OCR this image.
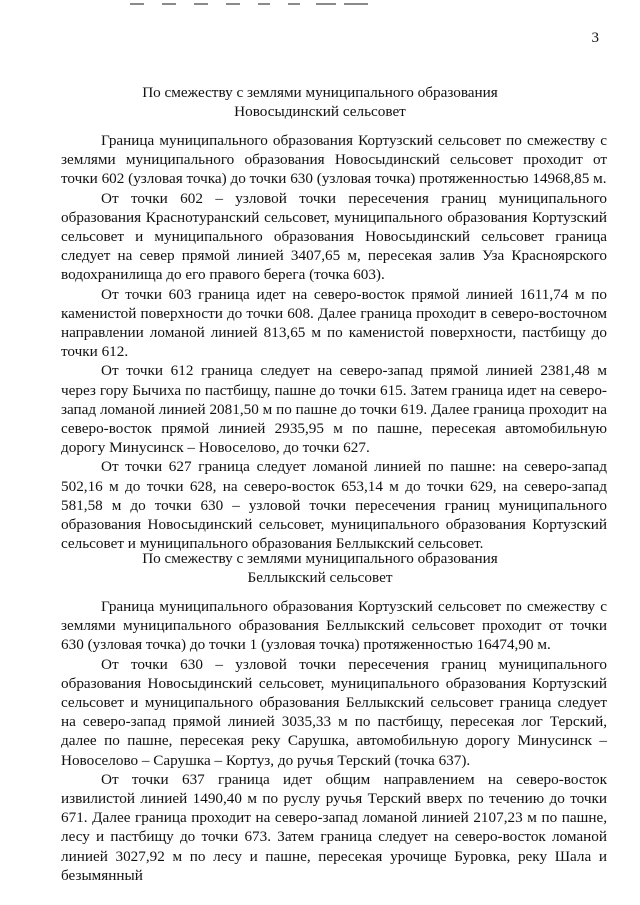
3
По смежеству с землями муниципального образования
Новосыдинский сельсовет

Граница муниципального образования Кортузский сельсовет по смежеству с землями муниципального образования Новосыдинский сельсовет проходит от точки 602 (узловая точка) до точки 630 (узловая точка) протяженностью 14968,85 м.

От точки 602 – узловой точки пересечения границ муниципального образования Краснотуранский сельсовет, муниципального образования Кортузский сельсовет и муниципального образования Новосыдинский сельсовет граница следует на север прямой линией 3407,65 м, пересекая залив Уза Красноярского водохранилища до его правого берега (точка 603).

От точки 603 граница идет на северо-восток прямой линией 1611,74 м по каменистой поверхности до точки 608. Далее граница проходит в северо-восточном направлении ломаной линией 813,65 м по каменистой поверхности, пастбищу до точки 612.

От точки 612 граница следует на северо-запад прямой линией 2381,48 м через гору Бычиха по пастбищу, пашне до точки 615. Затем граница идет на северо-запад ломаной линией 2081,50 м по пашне до точки 619. Далее граница проходит на северо-восток прямой линией 2935,95 м по пашне, пересекая автомобильную дорогу Минусинск – Новоселово, до точки 627.

От точки 627 граница следует ломаной линией по пашне: на северо-запад 502,16 м до точки 628, на северо-восток 653,14 м до точки 629, на северо-запад 581,58 м до точки 630 – узловой точки пересечения границ муниципального образования Новосыдинский сельсовет, муниципального образования Кортузский сельсовет и муниципального образования Беллыкский сельсовет.

По смежеству с землями муниципального образования
Беллыкский сельсовет

Граница муниципального образования Кортузский сельсовет по смежеству с землями муниципального образования Беллыкский сельсовет проходит от точки 630 (узловая точка) до точки 1 (узловая точка) протяженностью 16474,90 м.

От точки 630 – узловой точки пересечения границ муниципального образования Новосыдинский сельсовет, муниципального образования Кортузский сельсовет и муниципального образования Беллыкский сельсовет граница следует на северо-запад прямой линией 3035,33 м по пастбищу, пересекая лог Терский, далее по пашне, пересекая реку Сарушка, автомобильную дорогу Минусинск – Новоселово – Сарушка – Кортуз, до ручья Терский (точка 637).

От точки 637 граница идет общим направлением на северо-восток извилистой линией 1490,40 м по руслу ручья Терский вверх по течению до точки 671. Далее граница проходит на северо-запад ломаной линией 2107,23 м по пашне, лесу и пастбищу до точки 673. Затем граница следует на северо-восток ломаной линией 3027,92 м по лесу и пашне, пересекая урочище Буровка, реку Шала и безымянный
